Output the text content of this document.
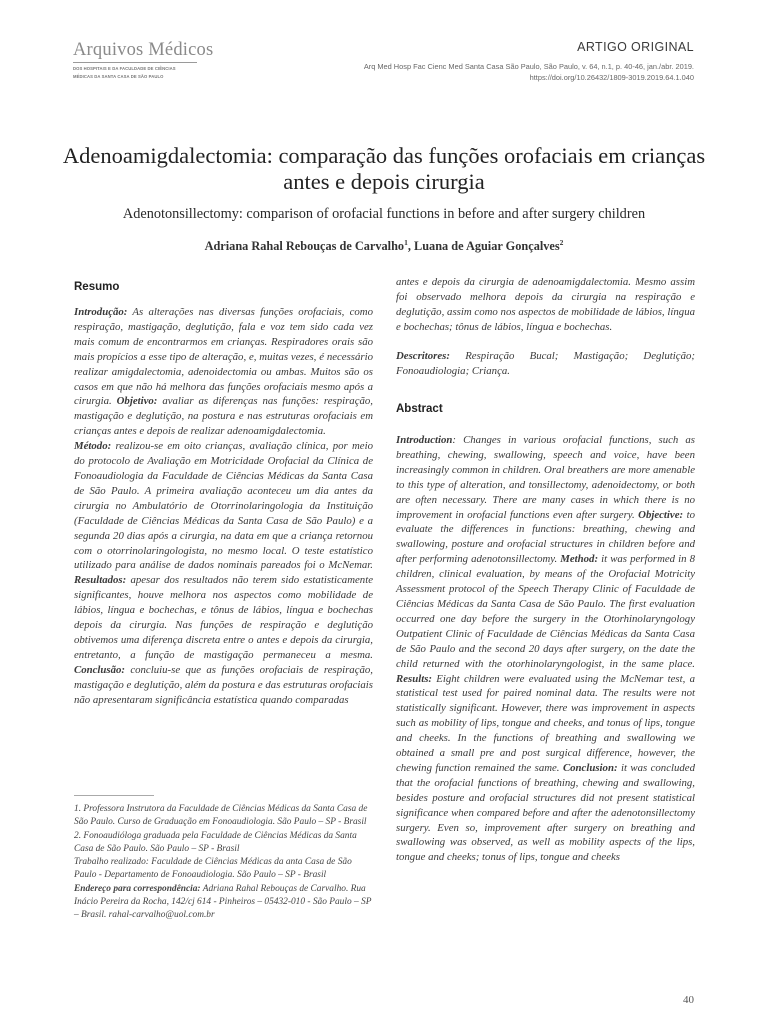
Arquivos Médicos
DOS HOSPITAIS E DA FACULDADE DE CIÊNCIAS
MÉDICAS DA SANTA CASA DE SÃO PAULO
ARTIGO ORIGINAL
Arq Med Hosp Fac Cienc Med Santa Casa São Paulo, São Paulo, v. 64, n.1, p. 40-46, jan./abr. 2019.
https://doi.org/10.26432/1809-3019.2019.64.1.040
Adenoamigdalectomia: comparação das funções orofaciais em crianças antes e depois cirurgia
Adenotonsillectomy: comparison of orofacial functions in before and after surgery children
Adriana Rahal Rebouças de Carvalho$^1$, Luana de Aguiar Gonçalves$^2$
Resumo

Introdução: As alterações nas diversas funções orofaciais, como respiração, mastigação, deglutição, fala e voz tem sido cada vez mais comum de encontrarmos em crianças. Respiradores orais são mais propícios a esse tipo de alteração, e, muitas vezes, é necessário realizar amigdalectomia, adenoidectomia ou ambas. Muitos são os casos em que não há melhora das funções orofaciais mesmo após a cirurgia. Objetivo: avaliar as diferenças nas funções: respiração, mastigação e deglutição, na postura e nas estruturas orofaciais em crianças antes e depois de realizar adenoamigdalectomia.

Método: realizou-se em oito crianças, avaliação clínica, por meio do protocolo de Avaliação em Motricidade Orofacial da Clínica de Fonoaudiologia da Faculdade de Ciências Médicas da Santa Casa de São Paulo. A primeira avaliação aconteceu um dia antes da cirurgia no Ambulatório de Otorrinolaringologia da Instituição (Faculdade de Ciências Médicas da Santa Casa de São Paulo) e a segunda 20 dias após a cirurgia, na data em que a criança retornou com o otorrinolaringologista, no mesmo local. O teste estatístico utilizado para análise de dados nominais pareados foi o McNemar. Resultados: apesar dos resultados não terem sido estatisticamente significantes, houve melhora nos aspectos como mobilidade de lábios, língua e bochechas, e tônus de lábios, língua e bochechas depois da cirurgia. Nas funções de respiração e deglutição obtivemos uma diferença discreta entre o antes e depois da cirurgia, entretanto, a função de mastigação permaneceu a mesma. Conclusão: concluiu-se que as funções orofaciais de respiração, mastigação e deglutição, além da postura e das estruturas orofaciais não apresentaram significância estatística quando comparadas

1. Professora Instrutora da Faculdade de Ciências Médicas da Santa Casa de São Paulo. Curso de Graduação em Fonoaudiologia. São Paulo – SP - Brasil

2. Fonoaudióloga graduada pela Faculdade de Ciências Médicas da Santa Casa de São Paulo. São Paulo – SP - Brasil

Trabalho realizado: Faculdade de Ciências Médicas da anta Casa de São Paulo - Departamento de Fonoaudiologia. São Paulo – SP - Brasil

Endereço para correspondência: Adriana Rahal Rebouças de Carvalho. Rua Inácio Pereira da Rocha, 142/cj 614 - Pinheiros – 05432-010 - São Paulo – SP – Brasil. rahal-carvalho@uol.com.br

antes e depois da cirurgia de adenoamigdalectomia. Mesmo assim foi observado melhora depois da cirurgia na respiração e deglutição, assim como nos aspectos de mobilidade de lábios, língua e bochechas; tônus de lábios, língua e bochechas.

Descritores: Respiração Bucal; Mastigação; Deglutição; Fonoaudiologia; Criança.

Abstract

Introduction: Changes in various orofacial functions, such as breathing, chewing, swallowing, speech and voice, have been increasingly common in children. Oral breathers are more amenable to this type of alteration, and tonsillectomy, adenoidectomy, or both are often necessary. There are many cases in which there is no improvement in orofacial functions even after surgery. Objective: to evaluate the differences in functions: breathing, chewing and swallowing, posture and orofacial structures in children before and after performing adenotonsillectomy. Method: it was performed in 8 children, clinical evaluation, by means of the Orofacial Motricity Assessment protocol of the Speech Therapy Clinic of Faculdade de Ciências Médicas da Santa Casa de São Paulo. The first evaluation occurred one day before the surgery in the Otorhinolaryngology Outpatient Clinic of Faculdade de Ciências Médicas da Santa Casa de São Paulo and the second 20 days after surgery, on the date the child returned with the otorhinolaryngologist, in the same place. Results: Eight children were evaluated using the McNemar test, a statistical test used for paired nominal data. The results were not statistically significant. However, there was improvement in aspects such as mobility of lips, tongue and cheeks, and tonus of lips, tongue and cheeks. In the functions of breathing and swallowing we obtained a small pre and post surgical difference, however, the chewing function remained the same. Conclusion: it was concluded that the orofacial functions of breathing, chewing and swallowing, besides posture and orofacial structures did not present statistical significance when compared before and after the adenotonsillectomy surgery. Even so, improvement after surgery on breathing and swallowing was observed, as well as mobility aspects of the lips, tongue and cheeks; tonus of lips, tongue and cheeks

40
